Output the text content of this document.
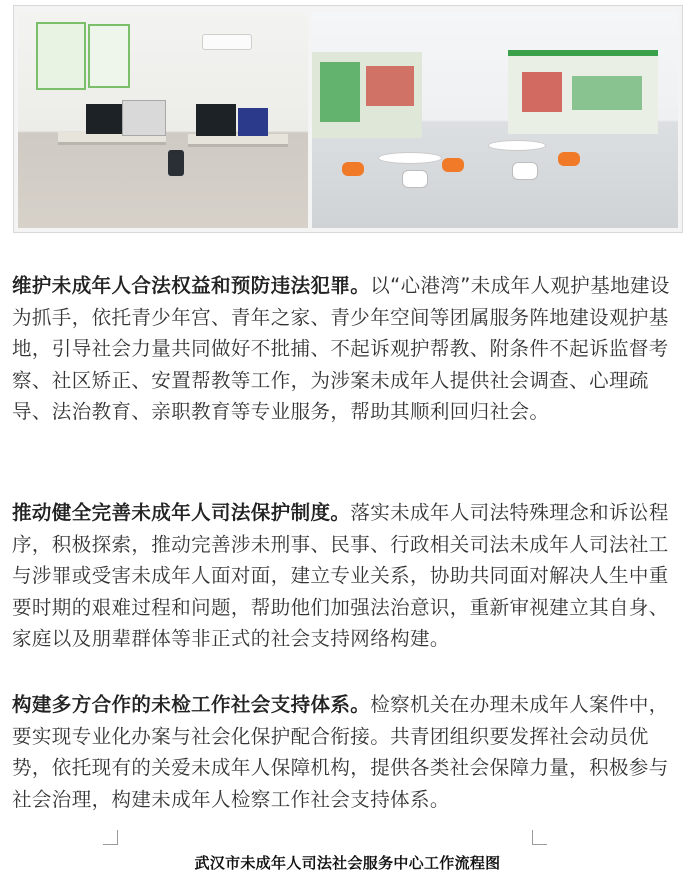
维护未成年人合法权益和预防违法犯罪。以“心港湾”未成年人观护基地建设为抓手，依托青少年宫、青年之家、青少年空间等团属服务阵地建设观护基地，引导社会力量共同做好不批捕、不起诉观护帮教、附条件不起诉监督考察、社区矫正、安置帮教等工作，为涉案未成年人提供社会调查、心理疏导、法治教育、亲职教育等专业服务，帮助其顺利回归社会。

推动健全完善未成年人司法保护制度。落实未成年人司法特殊理念和诉讼程序，积极探索，推动完善涉未刑事、民事、行政相关司法未成年人司法社工与涉罪或受害未成年人面对面，建立专业关系，协助共同面对解决人生中重要时期的艰难过程和问题，帮助他们加强法治意识，重新审视建立其自身、家庭以及朋辈群体等非正式的社会支持网络构建。

构建多方合作的未检工作社会支持体系。检察机关在办理未成年人案件中，要实现专业化办案与社会化保护配合衔接。共青团组织要发挥社会动员优势，依托现有的关爱未成年人保障机构，提供各类社会保障力量，积极参与社会治理，构建未成年人检察工作社会支持体系。

武汉市未成年人司法社会服务中心工作流程图
